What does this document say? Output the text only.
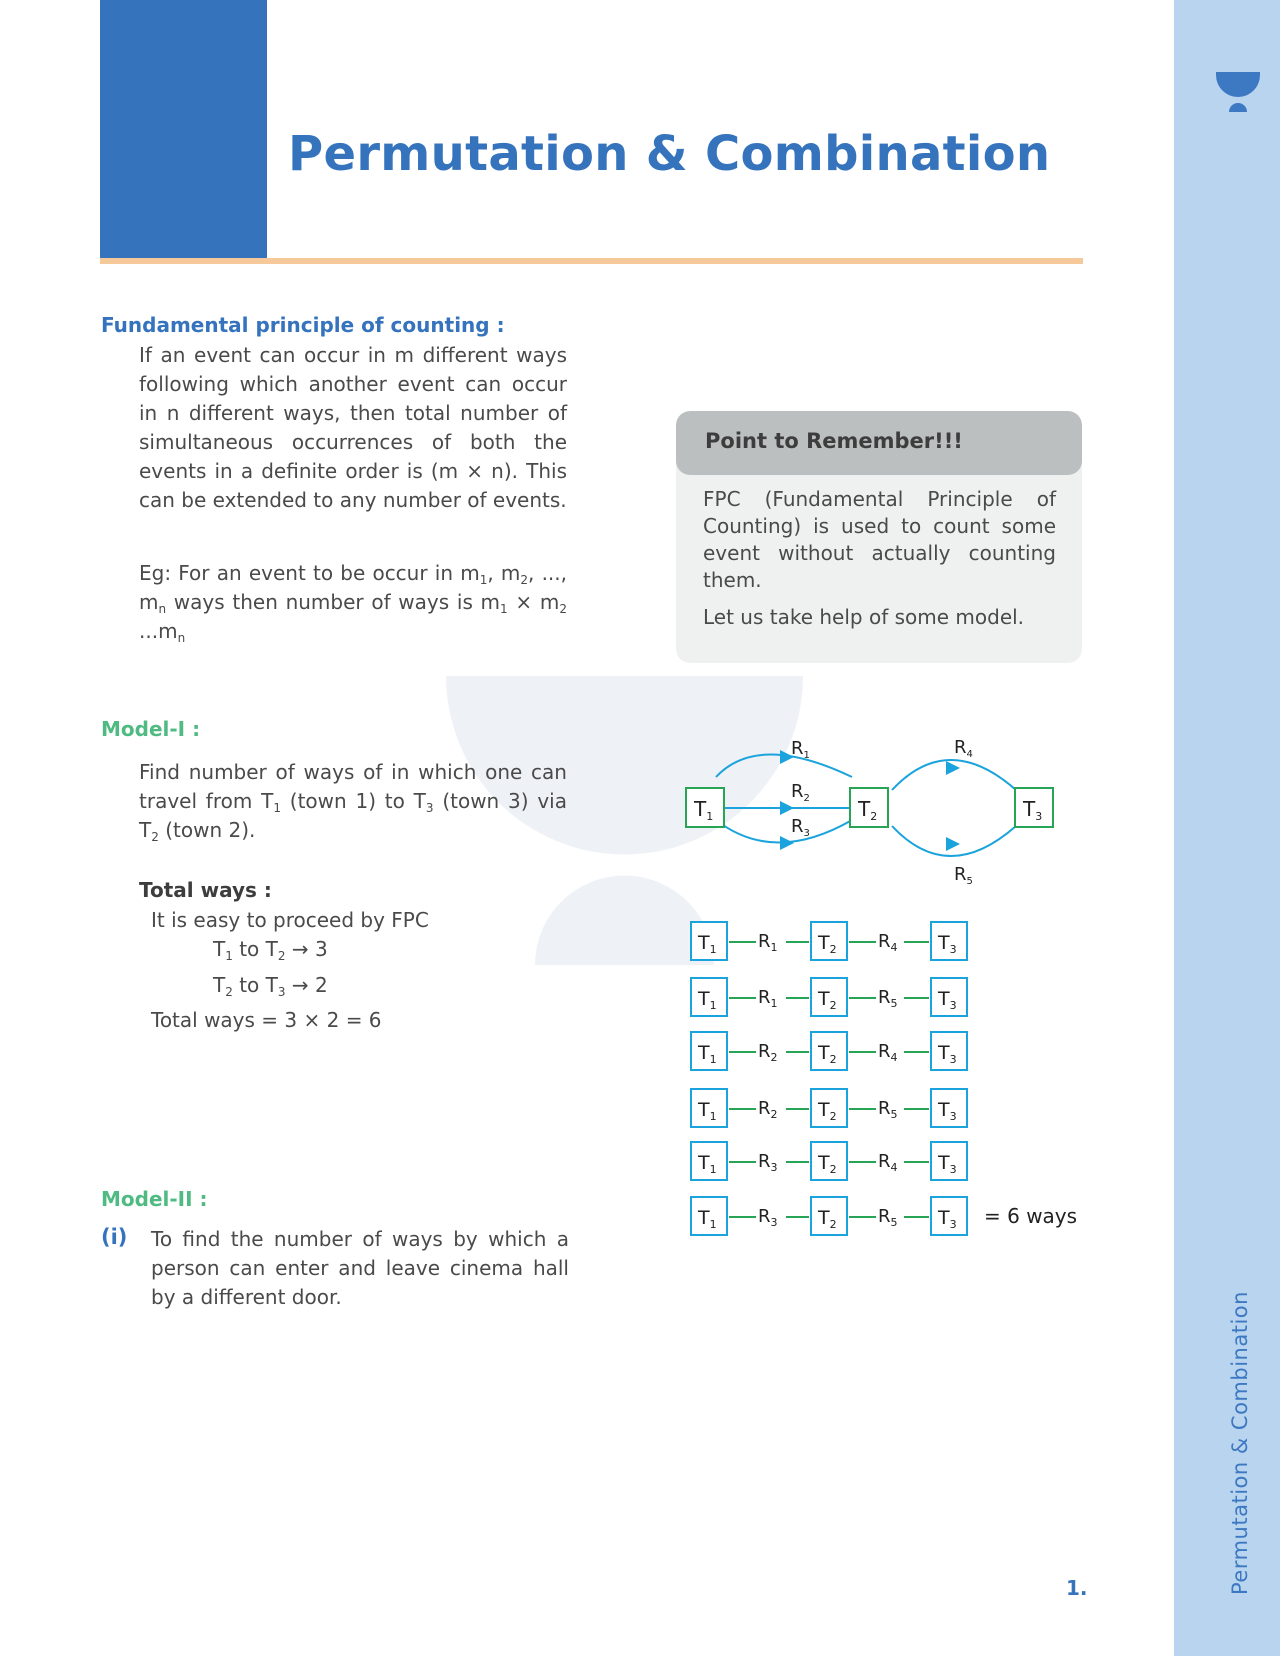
Permutation & Combination
Permutation & Combination
Fundamental principle of counting :

If an event can occur in m different ways following which another event can occur in n different ways, then total number of simultaneous occurrences of both the events in a definite order is (m × n). This can be extended to any number of events.

Eg: For an event to be occur in $m_1$, $m_2$, ..., $m_n$ ways then number of ways is $m_1 \times m_2$ $...m_n$

Point to Remember!!!

FPC (Fundamental Principle of Counting) is used to count some event without actually counting them.

Let us take help of some model.

Model-I :

Find number of ways of in which one can travel from $T_1$ (town 1) to $T_3$ (town 3) via $T_2$ (town 2).

Total ways :

It is easy to proceed by FPC

$T_1$ to $T_2 \to 3$

$T_2$ to $T_3 \to 2$

Total ways = 3 × 2 = 6

Model-II :

(i) To find the number of ways by which a person can enter and leave cinema hall by a different door.

$T_1$	$T_2$	$T_3$
$R_1$
$R_2$
$R_3$
$R_4$
$R_5$
$T_1$	$T_2$	$T_3$
$R_1$	$R_4$
$T_1$	$T_2$	$T_3$
$R_1$	$R_5$
$T_1$	$T_2$	$T_3$
$R_2$	$R_4$
$T_1$	$T_2$	$T_3$
$R_2$	$R_5$
$T_1$	$T_2$	$T_3$
$R_3$	$R_4$
$T_1$	$T_2$	$T_3$
$R_3$	$R_5$	= 6 ways
1.
